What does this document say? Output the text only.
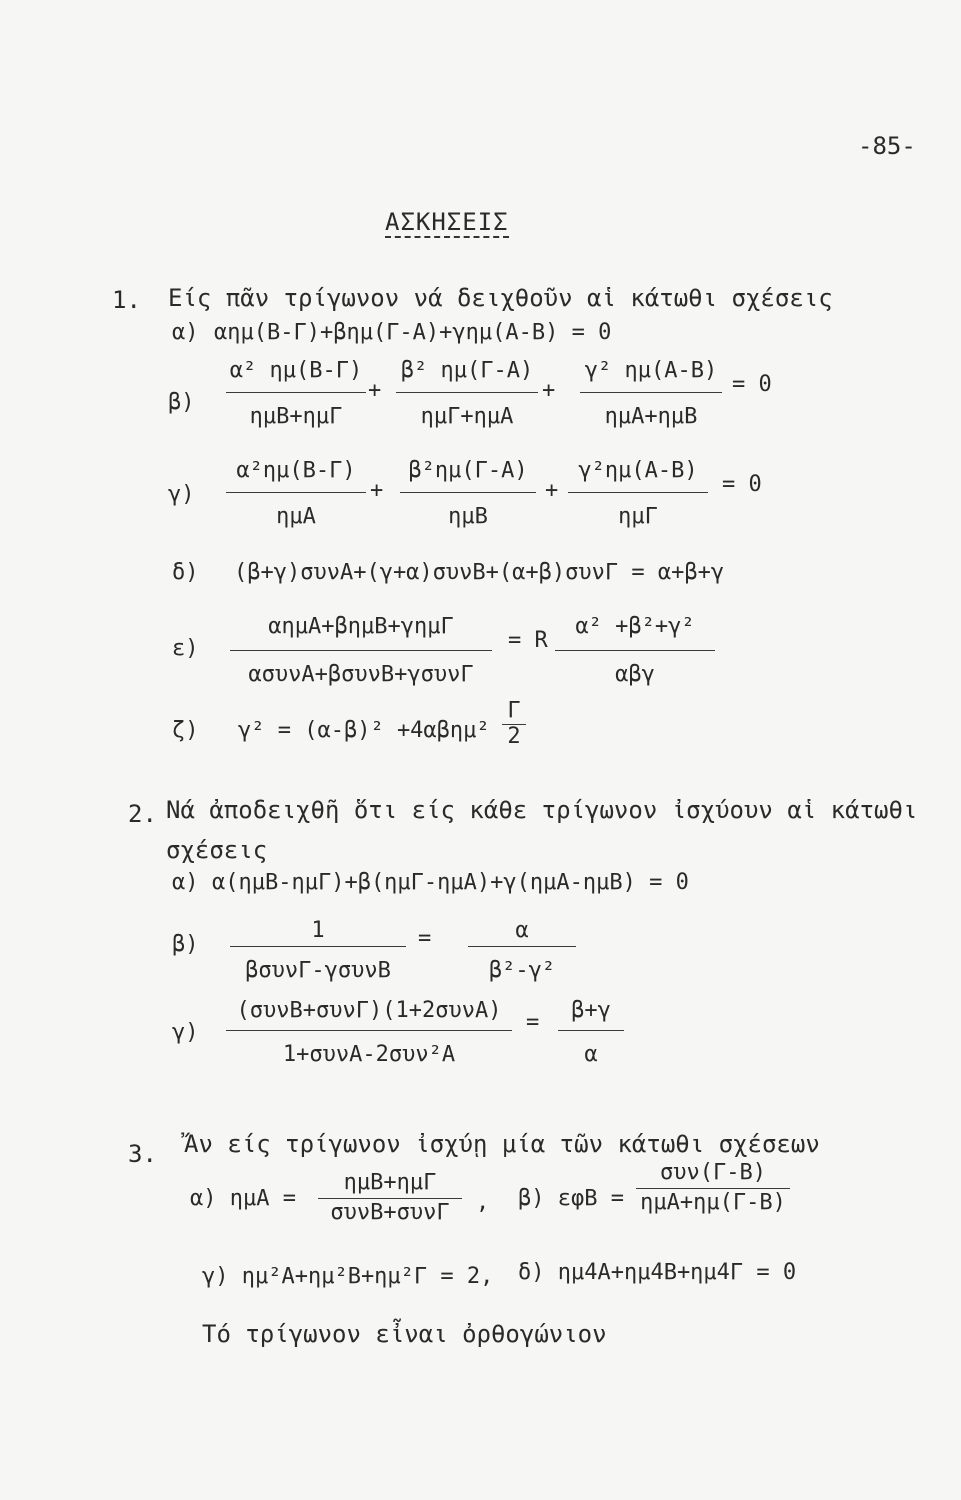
-85-
ΑΣΚΗΣΕΙΣ
1. Είς πᾶν τρίγωνον νά δειχθοῦν αἱ κάτωθι σχέσεις
α) αημ(Β-Γ)+βημ(Γ-Α)+γημ(Α-Β) = 0
β)
α² ημ(Β-Γ)
ημΒ+ημΓ
+
β² ημ(Γ-Α)
ημΓ+ημΑ
+
γ² ημ(Α-Β)
ημΑ+ημΒ
= 0
γ)
α²ημ(Β-Γ)
ημΑ
+
β²ημ(Γ-Α)
ημΒ
+
γ²ημ(Α-Β)
ημΓ
= 0
δ) (β+γ)συνΑ+(γ+α)συνΒ+(α+β)συνΓ = α+β+γ
ε)
αημΑ+βημΒ+γημΓ
ασυνΑ+βσυνΒ+γσυνΓ
= R
α² +β²+γ²
αβγ
ζ) γ² = (α-β)² +4αβημ²
Γ
2
2. Νά ἀποδειχθῆ ὅτι είς κάθε τρίγωνον ἰσχύουν αἱ κάτωθι
σχέσεις
α) α(ημΒ-ημΓ)+β(ημΓ-ημΑ)+γ(ημΑ-ημΒ) = 0
β)
1
βσυνΓ-γσυνΒ
=	α
β²-γ²
γ)
(συνΒ+συνΓ)(1+2συνΑ)
1+συνΑ-2συν²Α
=	β+γ
α
3. Ἄν είς τρίγωνον ἰσχύῃ μία τῶν κάτωθι σχέσεων
α) ημΑ =
ημΒ+ημΓ
συνΒ+συνΓ	, β) εφΒ =
συν(Γ-Β)
ημΑ+ημ(Γ-Β)
γ) ημ²Α+ημ²Β+ημ²Γ = 2, δ) ημ4Α+ημ4Β+ημ4Γ = 0
Τό τρίγωνον εἶναι ὀρθογώνιον
